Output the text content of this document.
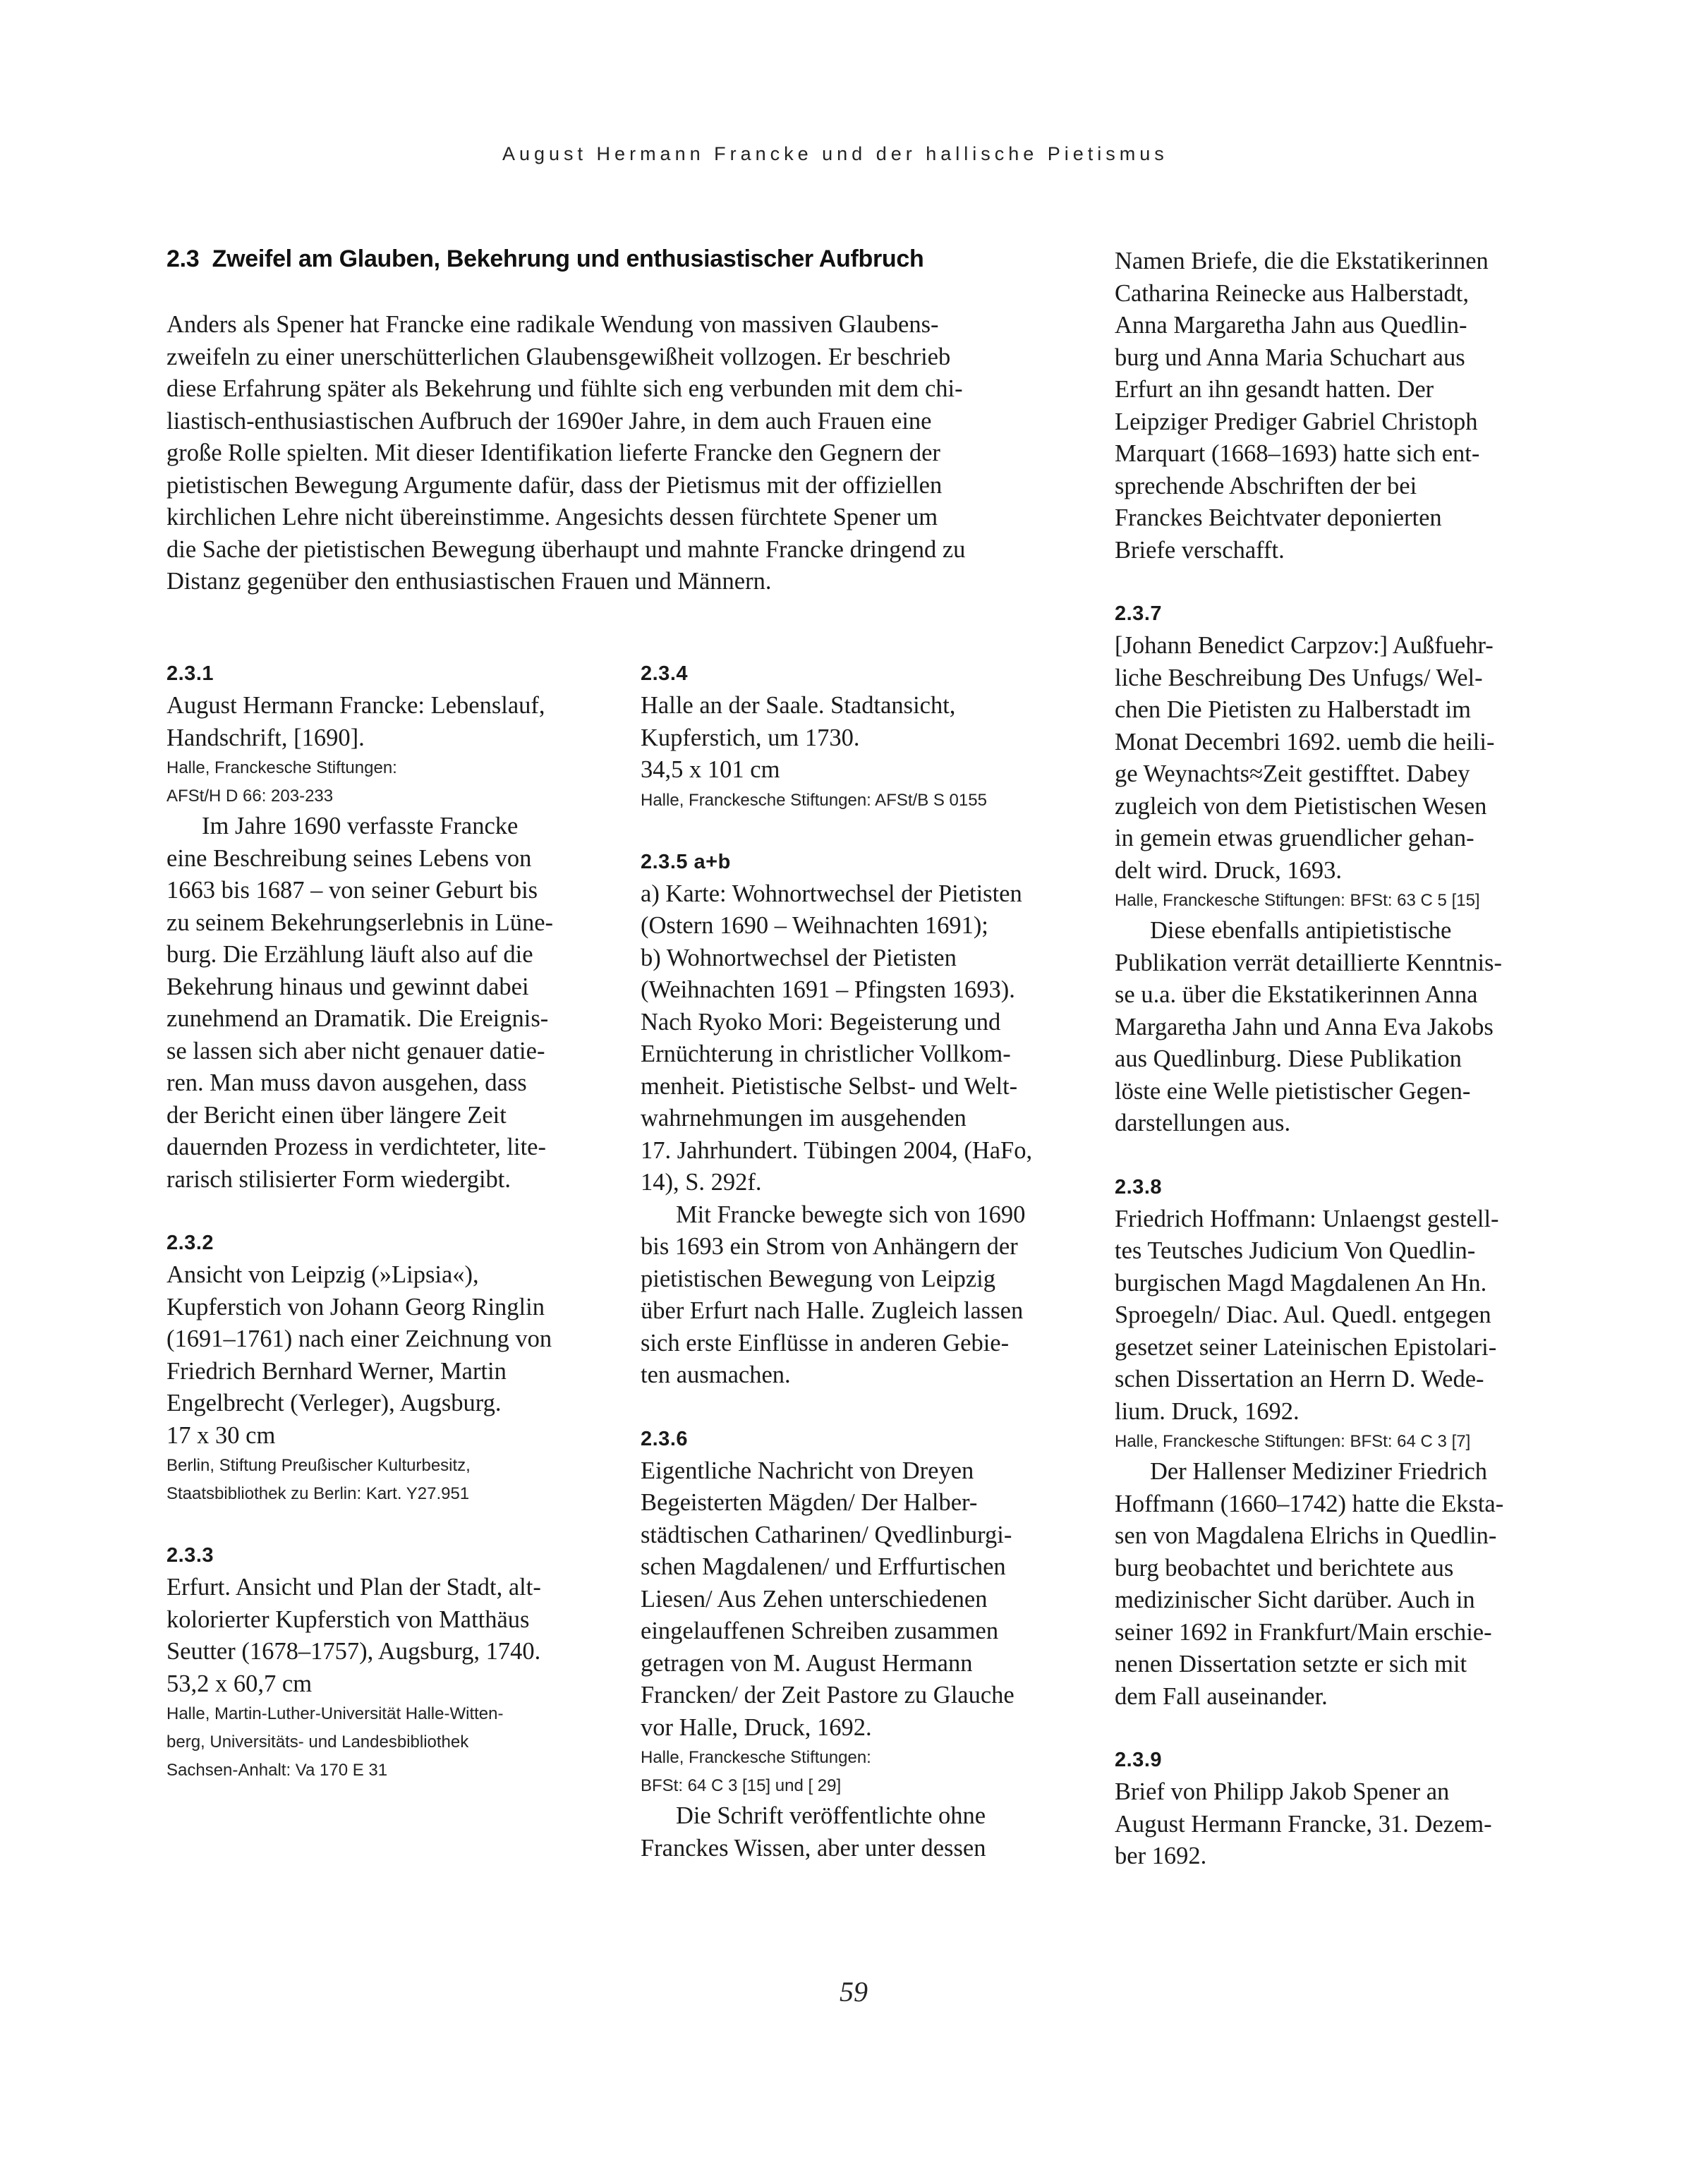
August Hermann Francke und der hallische Pietismus
2.3 Zweifel am Glauben, Bekehrung und enthusiastischer Aufbruch
Anders als Spener hat Francke eine radikale Wendung von massiven Glaubens-
zweifeln zu einer unerschütterlichen Glaubensgewißheit vollzogen. Er beschrieb
diese Erfahrung später als Bekehrung und fühlte sich eng verbunden mit dem chi-
liastisch-enthusiastischen Aufbruch der 1690er Jahre, in dem auch Frauen eine
große Rolle spielten. Mit dieser Identifikation lieferte Francke den Gegnern der
pietistischen Bewegung Argumente dafür, dass der Pietismus mit der offiziellen
kirchlichen Lehre nicht übereinstimme. Angesichts dessen fürchtete Spener um
die Sache der pietistischen Bewegung überhaupt und mahnte Francke dringend zu
Distanz gegenüber den enthusiastischen Frauen und Männern.
2.3.1
August Hermann Francke: Lebenslauf,
Handschrift, [1690].
Halle, Franckesche Stiftungen:
AFSt/H D 66: 203-233
Im Jahre 1690 verfasste Francke
eine Beschreibung seines Lebens von
1663 bis 1687 – von seiner Geburt bis
zu seinem Bekehrungserlebnis in Lüne-
burg. Die Erzählung läuft also auf die
Bekehrung hinaus und gewinnt dabei
zunehmend an Dramatik. Die Ereignis-
se lassen sich aber nicht genauer datie-
ren. Man muss davon ausgehen, dass
der Bericht einen über längere Zeit
dauernden Prozess in verdichteter, lite-
rarisch stilisierter Form wiedergibt.
2.3.2
Ansicht von Leipzig (»Lipsia«),
Kupferstich von Johann Georg Ringlin
(1691–1761) nach einer Zeichnung von
Friedrich Bernhard Werner, Martin
Engelbrecht (Verleger), Augsburg.
17 x 30 cm
Berlin, Stiftung Preußischer Kulturbesitz,
Staatsbibliothek zu Berlin: Kart. Y27.951
2.3.3
Erfurt. Ansicht und Plan der Stadt, alt-
kolorierter Kupferstich von Matthäus
Seutter (1678–1757), Augsburg, 1740.
53,2 x 60,7 cm
Halle, Martin-Luther-Universität Halle-Witten-
berg, Universitäts- und Landesbibliothek
Sachsen-Anhalt: Va 170 E 31
2.3.4
Halle an der Saale. Stadtansicht,
Kupferstich, um 1730.
34,5 x 101 cm
Halle, Franckesche Stiftungen: AFSt/B S 0155
2.3.5 a+b
a) Karte: Wohnortwechsel der Pietisten
(Ostern 1690 – Weihnachten 1691);
b) Wohnortwechsel der Pietisten
(Weihnachten 1691 – Pfingsten 1693).
Nach Ryoko Mori: Begeisterung und
Ernüchterung in christlicher Vollkom-
menheit. Pietistische Selbst- und Welt-
wahrnehmungen im ausgehenden
17. Jahrhundert. Tübingen 2004, (HaFo,
14), S. 292f.
Mit Francke bewegte sich von 1690
bis 1693 ein Strom von Anhängern der
pietistischen Bewegung von Leipzig
über Erfurt nach Halle. Zugleich lassen
sich erste Einflüsse in anderen Gebie-
ten ausmachen.
2.3.6
Eigentliche Nachricht von Dreyen
Begeisterten Mägden/ Der Halber-
städtischen Catharinen/ Qvedlinburgi-
schen Magdalenen/ und Erffurtischen
Liesen/ Aus Zehen unterschiedenen
eingelauffenen Schreiben zusammen
getragen von M. August Hermann
Francken/ der Zeit Pastore zu Glauche
vor Halle, Druck, 1692.
Halle, Franckesche Stiftungen:
BFSt: 64 C 3 [15] und [ 29]
Die Schrift veröffentlichte ohne
Franckes Wissen, aber unter dessen
Namen Briefe, die die Ekstatikerinnen
Catharina Reinecke aus Halberstadt,
Anna Margaretha Jahn aus Quedlin-
burg und Anna Maria Schuchart aus
Erfurt an ihn gesandt hatten. Der
Leipziger Prediger Gabriel Christoph
Marquart (1668–1693) hatte sich ent-
sprechende Abschriften der bei
Franckes Beichtvater deponierten
Briefe verschafft.
2.3.7
[Johann Benedict Carpzov:] Außfuehr-
liche Beschreibung Des Unfugs/ Wel-
chen Die Pietisten zu Halberstadt im
Monat Decembri 1692. uemb die heili-
ge Weynachts≈Zeit gestifftet. Dabey
zugleich von dem Pietistischen Wesen
in gemein etwas gruendlicher gehan-
delt wird. Druck, 1693.
Halle, Franckesche Stiftungen: BFSt: 63 C 5 [15]
Diese ebenfalls antipietistische
Publikation verrät detaillierte Kenntnis-
se u.a. über die Ekstatikerinnen Anna
Margaretha Jahn und Anna Eva Jakobs
aus Quedlinburg. Diese Publikation
löste eine Welle pietistischer Gegen-
darstellungen aus.
2.3.8
Friedrich Hoffmann: Unlaengst gestell-
tes Teutsches Judicium Von Quedlin-
burgischen Magd Magdalenen An Hn.
Sproegeln/ Diac. Aul. Quedl. entgegen
gesetzet seiner Lateinischen Epistolari-
schen Dissertation an Herrn D. Wede-
lium. Druck, 1692.
Halle, Franckesche Stiftungen: BFSt: 64 C 3 [7]
Der Hallenser Mediziner Friedrich
Hoffmann (1660–1742) hatte die Eksta-
sen von Magdalena Elrichs in Quedlin-
burg beobachtet und berichtete aus
medizinischer Sicht darüber. Auch in
seiner 1692 in Frankfurt/Main erschie-
nenen Dissertation setzte er sich mit
dem Fall auseinander.
2.3.9
Brief von Philipp Jakob Spener an
August Hermann Francke, 31. Dezem-
ber 1692.
59
